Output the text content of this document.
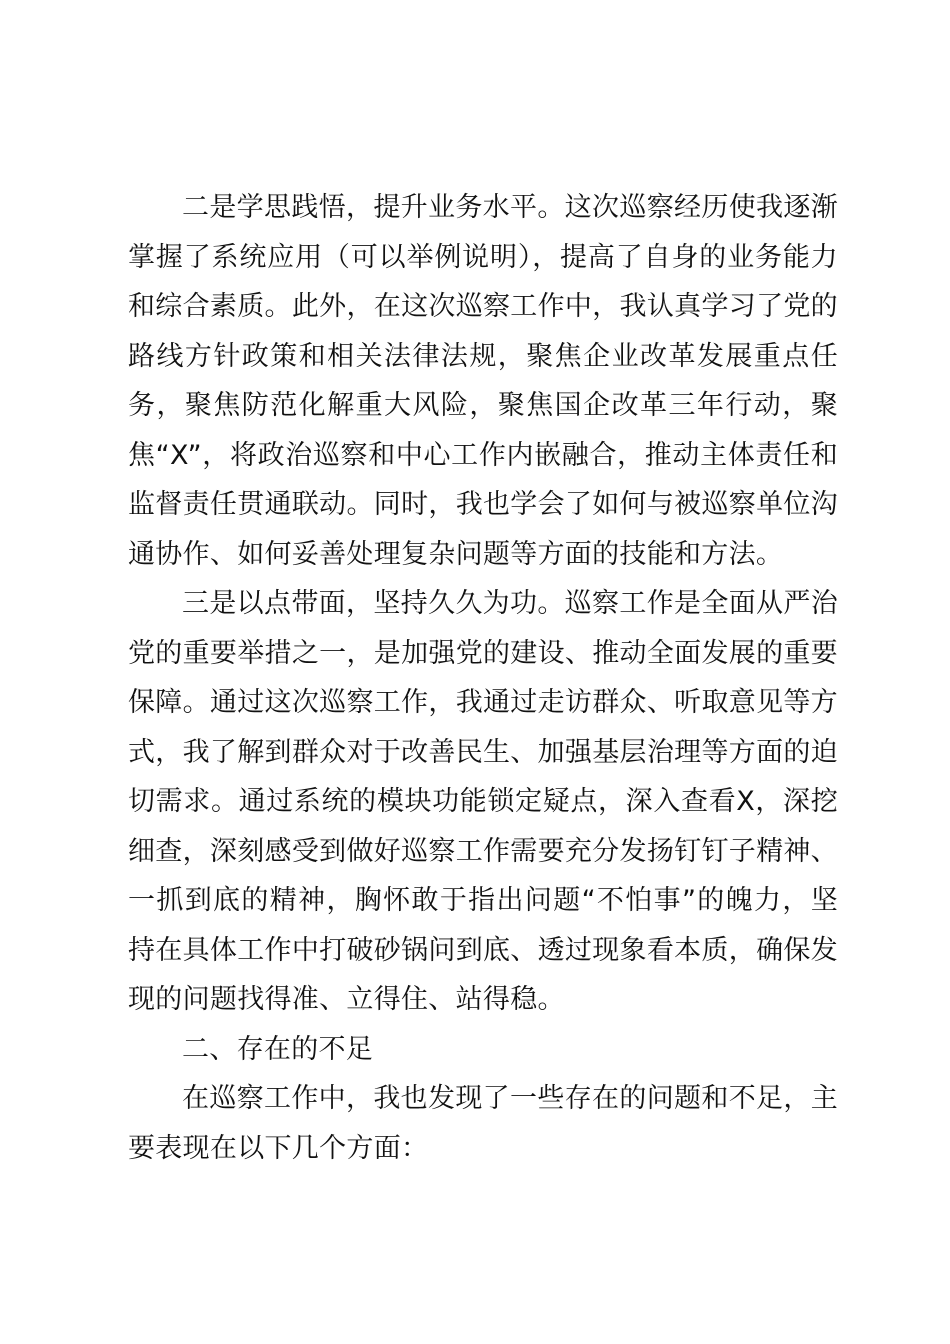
二是学思践悟，提升业务水平。这次巡察经历使我逐渐掌握了系统应用（可以举例说明），提高了自身的业务能力和综合素质。此外，在这次巡察工作中，我认真学习了党的路线方针政策和相关法律法规，聚焦企业改革发展重点任务，聚焦防范化解重大风险，聚焦国企改革三年行动，聚焦“X”，将政治巡察和中心工作内嵌融合，推动主体责任和监督责任贯通联动。同时，我也学会了如何与被巡察单位沟通协作、如何妥善处理复杂问题等方面的技能和方法。

三是以点带面，坚持久久为功。巡察工作是全面从严治党的重要举措之一，是加强党的建设、推动全面发展的重要保障。通过这次巡察工作，我通过走访群众、听取意见等方式，我了解到群众对于改善民生、加强基层治理等方面的迫切需求。通过系统的模块功能锁定疑点，深入查看X，深挖细查，深刻感受到做好巡察工作需要充分发扬钉钉子精神、一抓到底的精神，胸怀敢于指出问题“不怕事”的魄力，坚持在具体工作中打破砂锅问到底、透过现象看本质，确保发现的问题找得准、立得住、站得稳。

二、存在的不足

在巡察工作中，我也发现了一些存在的问题和不足，主要表现在以下几个方面：
